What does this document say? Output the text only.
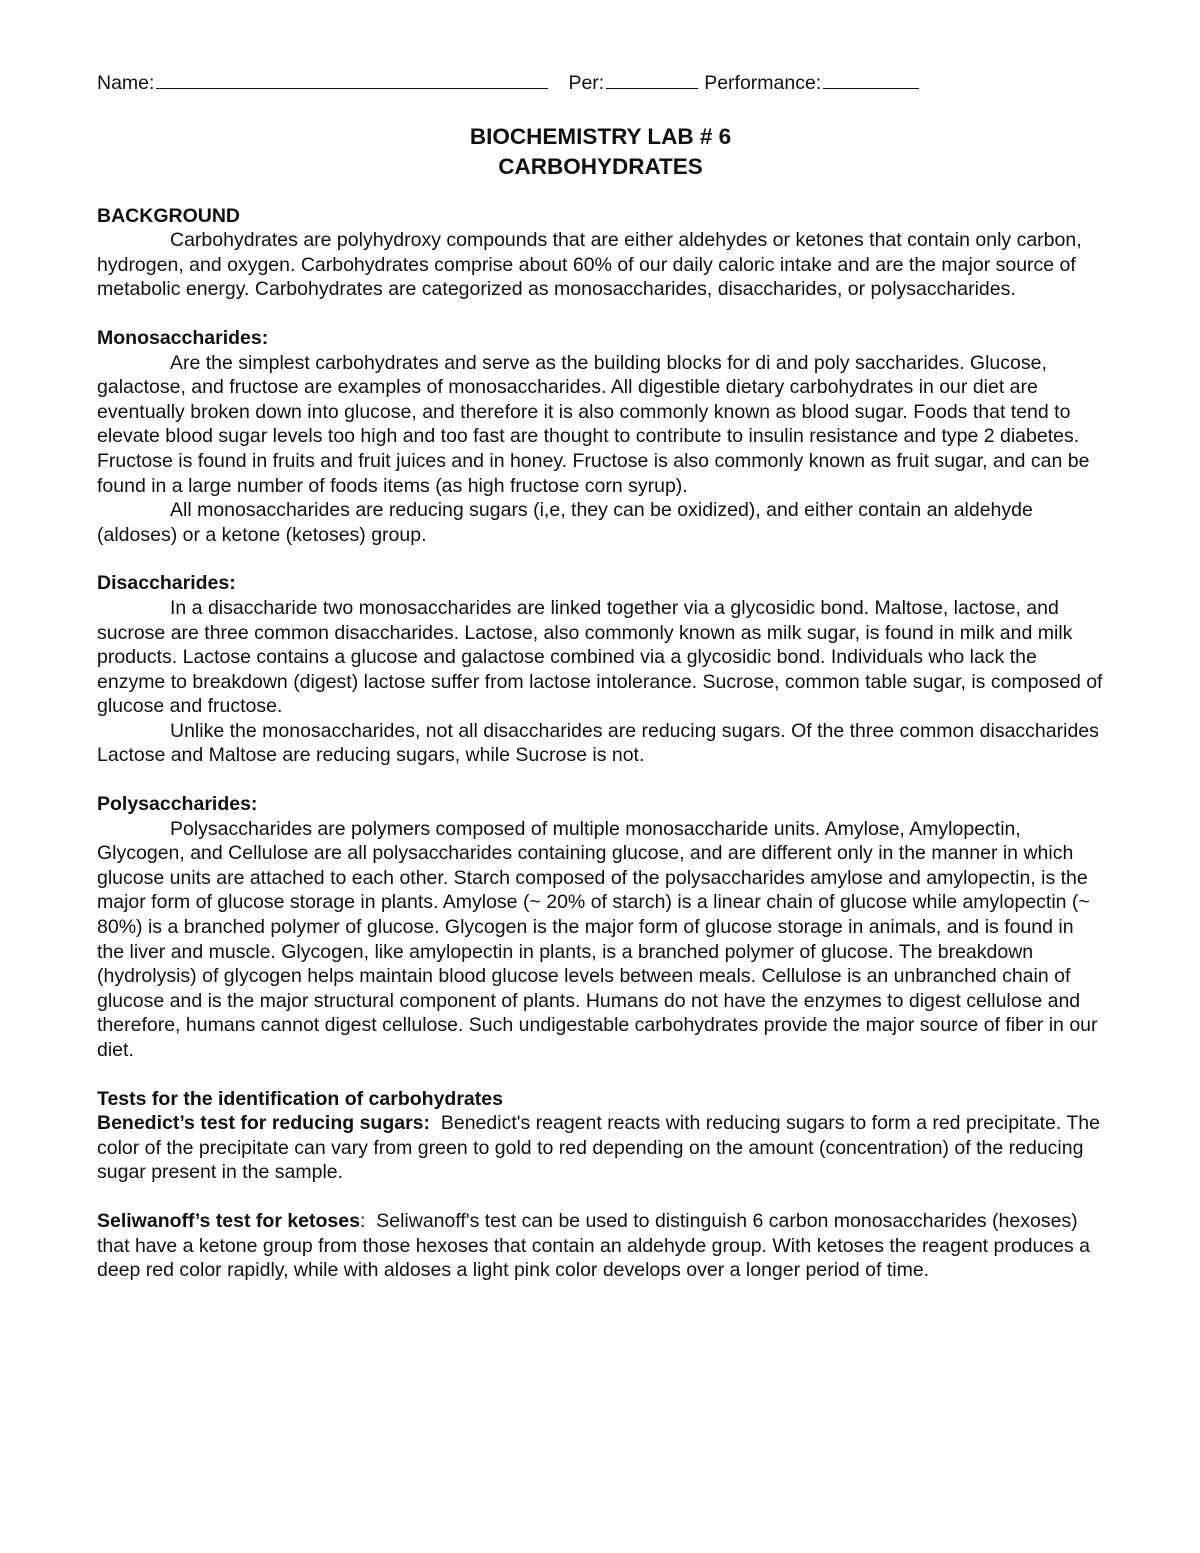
Name:	Per:	Performance:
BIOCHEMISTRY LAB # 6
CARBOHYDRATES
BACKGROUND

Carbohydrates are polyhydroxy compounds that are either aldehydes or ketones that contain only carbon, hydrogen, and oxygen. Carbohydrates comprise about 60% of our daily caloric intake and are the major source of metabolic energy. Carbohydrates are categorized as monosaccharides, disaccharides, or polysaccharides.

Monosaccharides:

Are the simplest carbohydrates and serve as the building blocks for di and poly saccharides. Glucose, galactose, and fructose are examples of monosaccharides. All digestible dietary carbohydrates in our diet are eventually broken down into glucose, and therefore it is also commonly known as blood sugar. Foods that tend to elevate blood sugar levels too high and too fast are thought to contribute to insulin resistance and type 2 diabetes. Fructose is found in fruits and fruit juices and in honey. Fructose is also commonly known as fruit sugar, and can be found in a large number of foods items (as high fructose corn syrup).

All monosaccharides are reducing sugars (i,e, they can be oxidized), and either contain an aldehyde (aldoses) or a ketone (ketoses) group.

Disaccharides:

In a disaccharide two monosaccharides are linked together via a glycosidic bond. Maltose, lactose, and sucrose are three common disaccharides. Lactose, also commonly known as milk sugar, is found in milk and milk products. Lactose contains a glucose and galactose combined via a glycosidic bond. Individuals who lack the enzyme to breakdown (digest) lactose suffer from lactose intolerance. Sucrose, common table sugar, is composed of glucose and fructose.

Unlike the monosaccharides, not all disaccharides are reducing sugars. Of the three common disaccharides Lactose and Maltose are reducing sugars, while Sucrose is not.

Polysaccharides:

Polysaccharides are polymers composed of multiple monosaccharide units. Amylose, Amylopectin, Glycogen, and Cellulose are all polysaccharides containing glucose, and are different only in the manner in which glucose units are attached to each other. Starch composed of the polysaccharides amylose and amylopectin, is the major form of glucose storage in plants. Amylose (~ 20% of starch) is a linear chain of glucose while amylopectin (~ 80%) is a branched polymer of glucose. Glycogen is the major form of glucose storage in animals, and is found in the liver and muscle. Glycogen, like amylopectin in plants, is a branched polymer of glucose. The breakdown (hydrolysis) of glycogen helps maintain blood glucose levels between meals. Cellulose is an unbranched chain of glucose and is the major structural component of plants. Humans do not have the enzymes to digest cellulose and therefore, humans cannot digest cellulose. Such undigestable carbohydrates provide the major source of fiber in our diet.

Tests for the identification of carbohydrates

Benedict’s test for reducing sugars: Benedict's reagent reacts with reducing sugars to form a red precipitate. The color of the precipitate can vary from green to gold to red depending on the amount (concentration) of the reducing sugar present in the sample.

Seliwanoff’s test for ketoses: Seliwanoff's test can be used to distinguish 6 carbon monosaccharides (hexoses) that have a ketone group from those hexoses that contain an aldehyde group. With ketoses the reagent produces a deep red color rapidly, while with aldoses a light pink color develops over a longer period of time.
